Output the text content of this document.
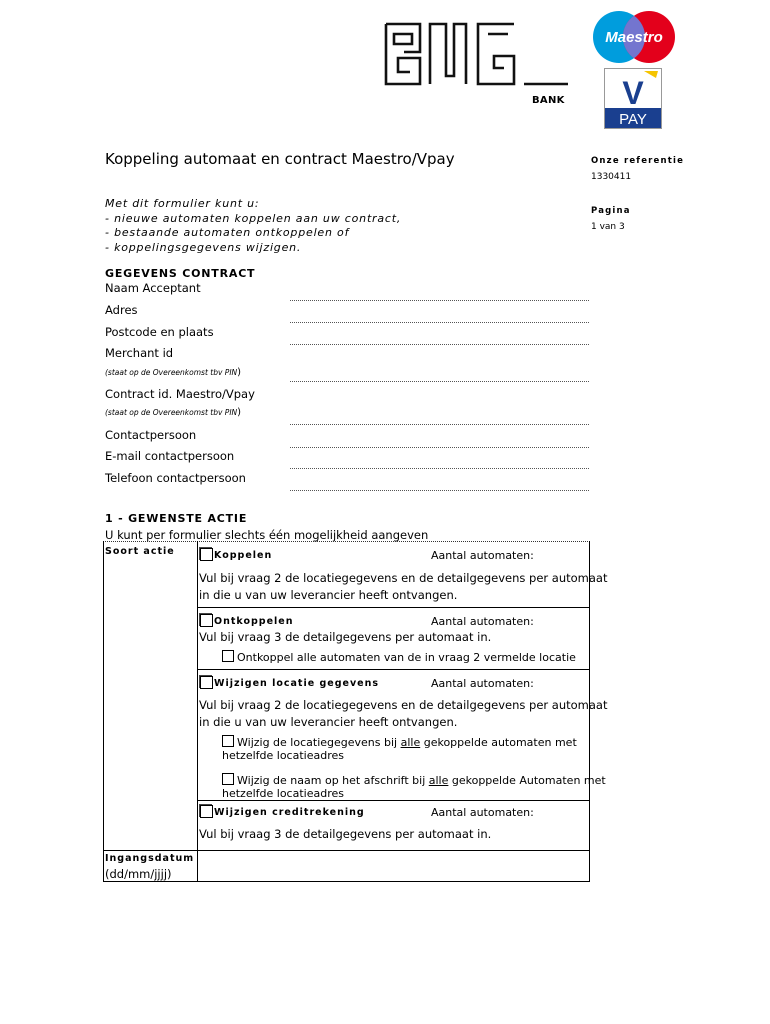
BANK
Maestro
V
PAY
Koppeling automaat en contract Maestro/Vpay	Onze referentie
1330411
Pagina
1 van 3
Met dit formulier kunt u:
- nieuwe automaten koppelen aan uw contract,
- bestaande automaten ontkoppelen of
- koppelingsgegevens wijzigen.
GEGEVENS CONTRACT
Naam Acceptant
Adres
Postcode en plaats
Merchant id
(staat op de Overeenkomst tbv PIN)
Contract id. Maestro/Vpay
(staat op de Overeenkomst tbv PIN)
Contactpersoon
E-mail contactpersoon
Telefoon contactpersoon
1 - GEWENSTE ACTIE
U kunt per formulier slechts één mogelijkheid aangeven
Soort actie	Koppelen	Aantal automaten:
Vul bij vraag 2 de locatiegegevens en de detailgegevens per automaat
in die u van uw leverancier heeft ontvangen.
Ontkoppelen	Aantal automaten:
Vul bij vraag 3 de detailgegevens per automaat in.
Ontkoppel alle automaten van de in vraag 2 vermelde locatie
Wijzigen locatie gegevens	Aantal automaten:
Vul bij vraag 2 de locatiegegevens en de detailgegevens per automaat
in die u van uw leverancier heeft ontvangen.
Wijzig de locatiegegevens bij alle gekoppelde automaten met
hetzelfde locatieadres
Wijzig de naam op het afschrift bij alle gekoppelde Automaten met
hetzelfde locatieadres
Wijzigen creditrekening	Aantal automaten:
Vul bij vraag 3 de detailgegevens per automaat in.
Ingangsdatum
(dd/mm/jjjj)
